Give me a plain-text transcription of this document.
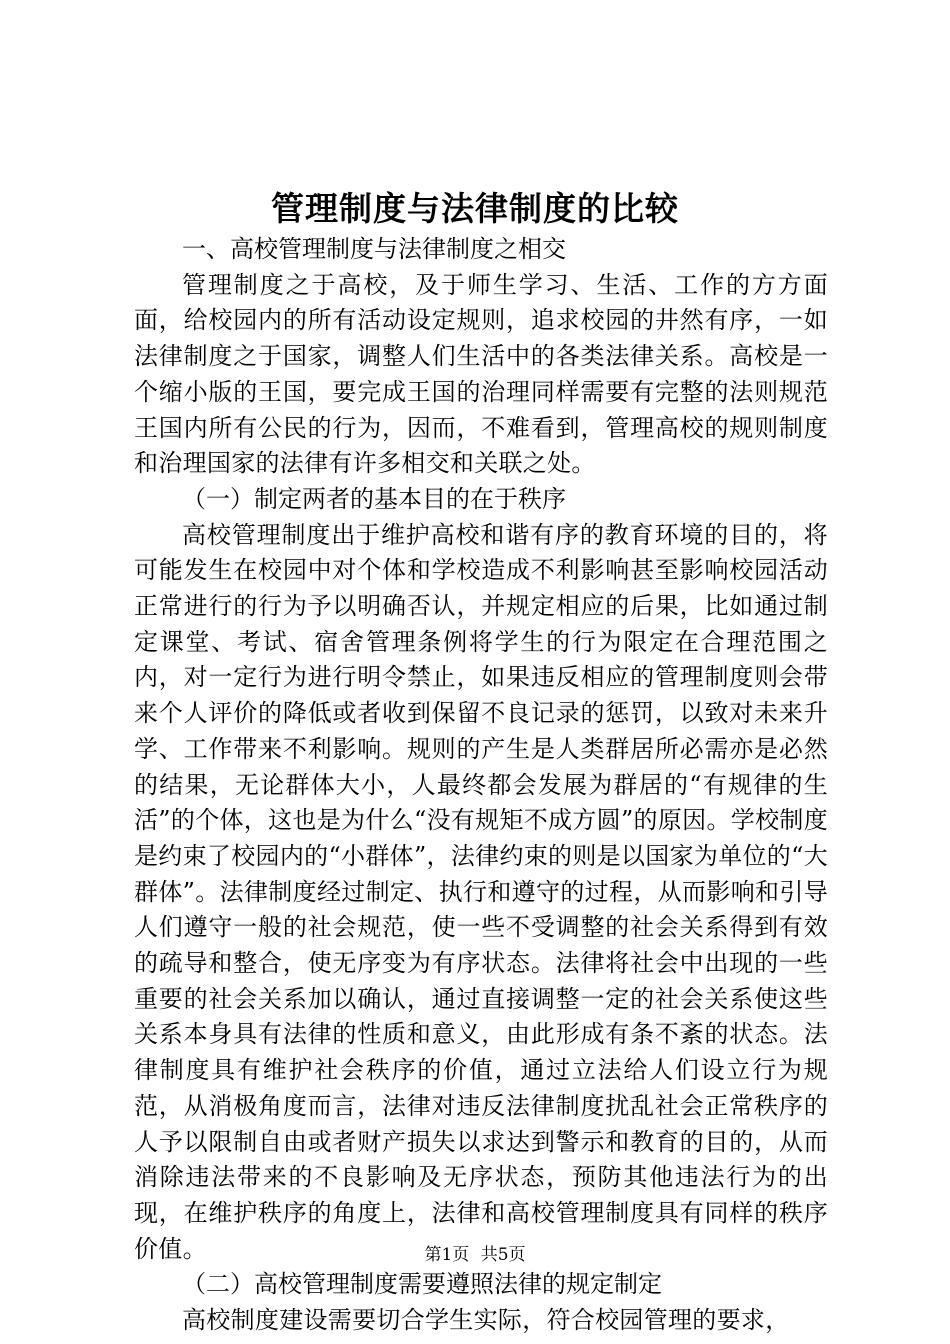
管理制度与法律制度的比较

一、高校管理制度与法律制度之相交

管理制度之于高校，及于师生学习、生活、工作的方方面面，给校园内的所有活动设定规则，追求校园的井然有序，一如法律制度之于国家，调整人们生活中的各类法律关系。高校是一个缩小版的王国，要完成王国的治理同样需要有完整的法则规范王国内所有公民的行为，因而，不难看到，管理高校的规则制度和治理国家的法律有许多相交和关联之处。

（一）制定两者的基本目的在于秩序

高校管理制度出于维护高校和谐有序的教育环境的目的，将可能发生在校园中对个体和学校造成不利影响甚至影响校园活动正常进行的行为予以明确否认，并规定相应的后果，比如通过制定课堂、考试、宿舍管理条例将学生的行为限定在合理范围之内，对一定行为进行明令禁止，如果违反相应的管理制度则会带来个人评价的降低或者收到保留不良记录的惩罚，以致对未来升学、工作带来不利影响。规则的产生是人类群居所必需亦是必然的结果，无论群体大小，人最终都会发展为群居的“有规律的生活”的个体，这也是为什么“没有规矩不成方圆”的原因。学校制度是约束了校园内的“小群体”，法律约束的则是以国家为单位的“大群体”。法律制度经过制定、执行和遵守的过程，从而影响和引导人们遵守一般的社会规范，使一些不受调整的社会关系得到有效的疏导和整合，使无序变为有序状态。法律将社会中出现的一些重要的社会关系加以确认，通过直接调整一定的社会关系使这些关系本身具有法律的性质和意义，由此形成有条不紊的状态。法律制度具有维护社会秩序的价值，通过立法给人们设立行为规范，从消极角度而言，法律对违反法律制度扰乱社会正常秩序的人予以限制自由或者财产损失以求达到警示和教育的目的，从而消除违法带来的不良影响及无序状态，预防其他违法行为的出现，在维护秩序的角度上，法律和高校管理制度具有同样的秩序价值。

（二）高校管理制度需要遵照法律的规定制定

高校制度建设需要切合学生实际，符合校园管理的要求，

第1页 共5页
